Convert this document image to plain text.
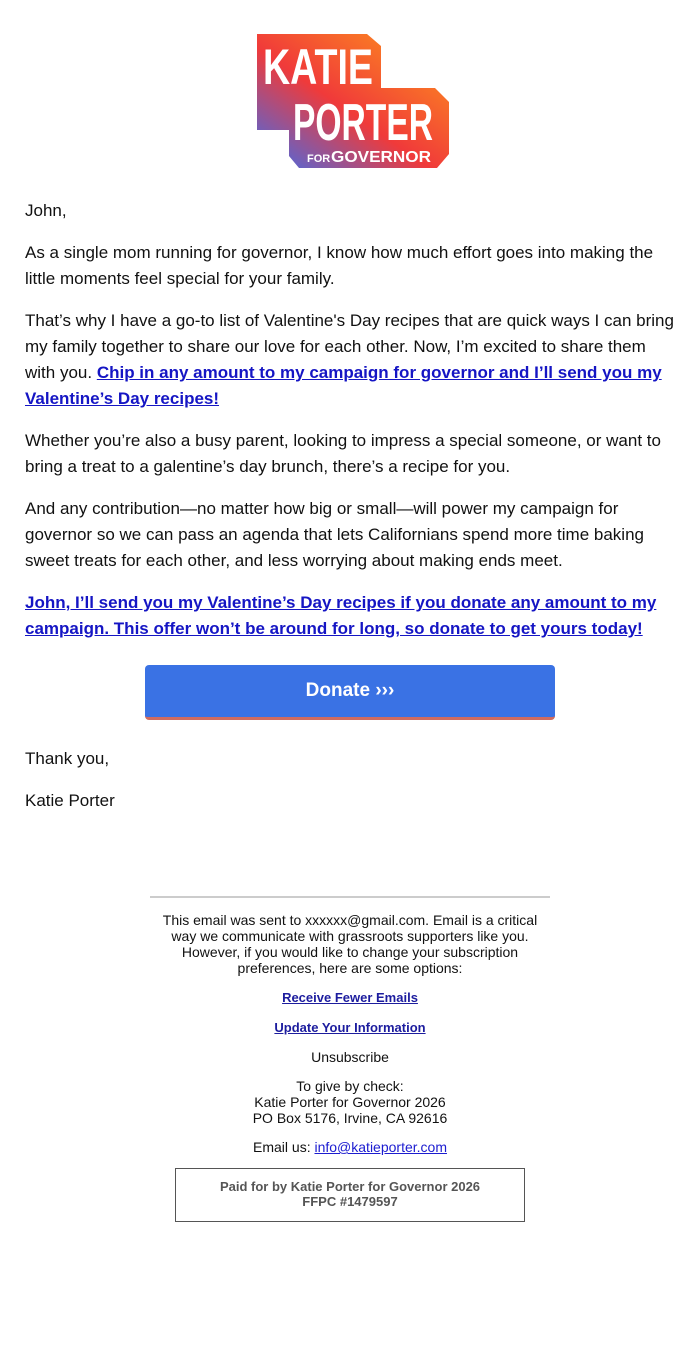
KATIE
PORTER
FOR GOVERNOR

John,

As a single mom running for governor, I know how much effort goes into making the little moments feel special for your family.

That’s why I have a go-to list of Valentine's Day recipes that are quick ways I can bring my family together to share our love for each other. Now, I’m excited to share them with you. Chip in any amount to my campaign for governor and I’ll send you my Valentine’s Day recipes!

Whether you’re also a busy parent, looking to impress a special someone, or want to bring a treat to a galentine’s day brunch, there’s a recipe for you.

And any contribution—no matter how big or small—will power my campaign for governor so we can pass an agenda that lets Californians spend more time baking sweet treats for each other, and less worrying about making ends meet.

John, I’ll send you my Valentine’s Day recipes if you donate any amount to my campaign. This offer won’t be around for long, so donate to get yours today!

Donate ›››

Thank you,

Katie Porter

This email was sent to xxxxxx@gmail.com. Email is a critical way we communicate with grassroots supporters like you. However, if you would like to change your subscription preferences, here are some options:

Receive Fewer Emails

Update Your Information

Unsubscribe

To give by check:
Katie Porter for Governor 2026
PO Box 5176, Irvine, CA 92616

Email us: info@katieporter.com

Paid for by Katie Porter for Governor 2026
FFPC #1479597
